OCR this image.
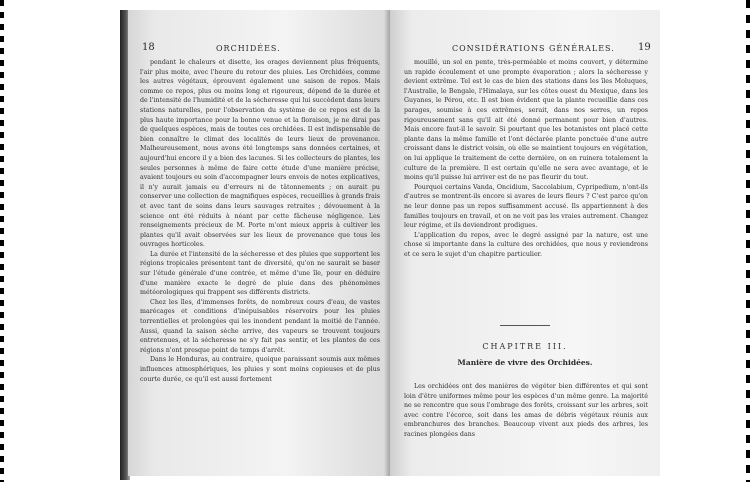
18	ORCHIDÉES.

pendant le chaleurs et disette, les orages deviennent plus fréquents, l'air plus moite, avec l'heure du retour des pluies. Les Orchidées, comme les autres végétaux, éprouvent également une saison de repos. Mais comme ce repos, plus ou moins long et rigoureux, dépend de la durée et de l'intensité de l'humidité et de la sécheresse qui lui succèdent dans leurs stations naturelles, pour l'observation du système de ce repos est de la plus haute importance pour la bonne venue et la floraison, je ne dirai pas de quelques espèces, mais de toutes ces orchidées. Il est indispensable de bien connaître le climat des localités de leurs lieux de provenance. Malheureusement, nous avons été longtemps sans données certaines, et aujourd'hui encore il y a bien des lacunes. Si les collecteurs de plantes, les seules personnes à même de faire cette étude d'une manière précise, avaient toujours eu soin d'accompagner leurs envois de notes explicatives, il n'y aurait jamais eu d'erreurs ni de tâtonnements ; on aurait pu conserver une collection de magnifiques espèces, recueillies à grands frais et avec tant de soins dans leurs sauvages retraites ; dévouement à la science ont été réduits à néant par cette fâcheuse négligence. Les renseignements précieux de M. Porte m'ont mieux appris à cultiver les plantes qu'il avait observées sur les lieux de provenance que tous les ouvrages horticoles.

La durée et l'intensité de la sécheresse et des pluies que supportent les régions tropicales présentent tant de diversité, qu'on ne saurait se baser sur l'étude générale d'une contrée, et même d'une île, pour en déduire d'une manière exacte le degré de pluie dans des phénomènes météorologiques qui frappent ses différents districts.

Chez les îles, d'immenses forêts, de nombreux cours d'eau, de vastes marécages et conditions d'inépuisables réservoirs pour les pluies torrentielles et prolongées qui les inondent pendant la moitié de l'année. Aussi, quand la saison sèche arrive, des vapeurs se trouvent toujours entretenues, et la sécheresse ne s'y fait pas sentir, et les plantes de ces régions n'ont presque point de temps d'arrêt.

Dans le Honduras, au contraire, quoique paraissant soumis aux mêmes influences atmosphériques, les pluies y sont moins copieuses et de plus courte durée, ce qu'il est aussi fortement

CONSIDÉRATIONS GÉNÉRALES. 19

mouillé, un sol en pente, très-perméable et moins couvert, y détermine un rapide écoulement et une prompte évaporation ; alors la sécheresse y devient extrême. Tel est le cas de bien des stations dans les îles Moluques, l'Australie, le Bengale, l'Himalaya, sur les côtes ouest du Mexique, dans les Guyanes, le Pérou, etc. Il est bien évident que la plante recueillie dans ces parages, soumise à ces extrêmes, serait, dans nos serres, un repos rigoureusement sans qu'il ait été donné permanent pour bien d'autres. Mais encore faut-il le savoir. Si pourtant que les botanistes ont placé cette plante dans la même famille et l'ont déclarée plante ponctuée d'une autre croissant dans le district voisin, où elle se maintient toujours en végétation, on lui applique le traitement de cette dernière, on en ruinera totalement la culture de la première. Il est certain qu'elle ne sera avec avantage, et le moins qu'il puisse lui arriver est de ne pas fleurir du tout.

Pourquoi certains Vanda, Oncidium, Saccolabium, Cypripedium, n'ont-ils d'autres se montrent-ils encore si avares de leurs fleurs ? C'est parce qu'on ne leur donne pas un repos suffisamment accusé. Ils appartiennent à des familles toujours en travail, et on ne voit pas les vraies autrement. Changez leur régime, et ils deviendront prodigues.

L'application du repos, avec le degré assigné par la nature, est une chose si importante dans la culture des orchidées, que nous y reviendrons et ce sera le sujet d'un chapitre particulier.

CHAPITRE III.
Manière de vivre des Orchidées.

Les orchidées ont des manières de végéter bien différentes et qui sont loin d'être uniformes même pour les espèces d'un même genre. La majorité ne se rencontre que sous l'ombrage des forêts, croissant sur les arbres, soit avec contre l'écorce, soit dans les amas de débris végétaux réunis aux embranchures des branches. Beaucoup vivent aux pieds des arbres, les racines plongées dans
